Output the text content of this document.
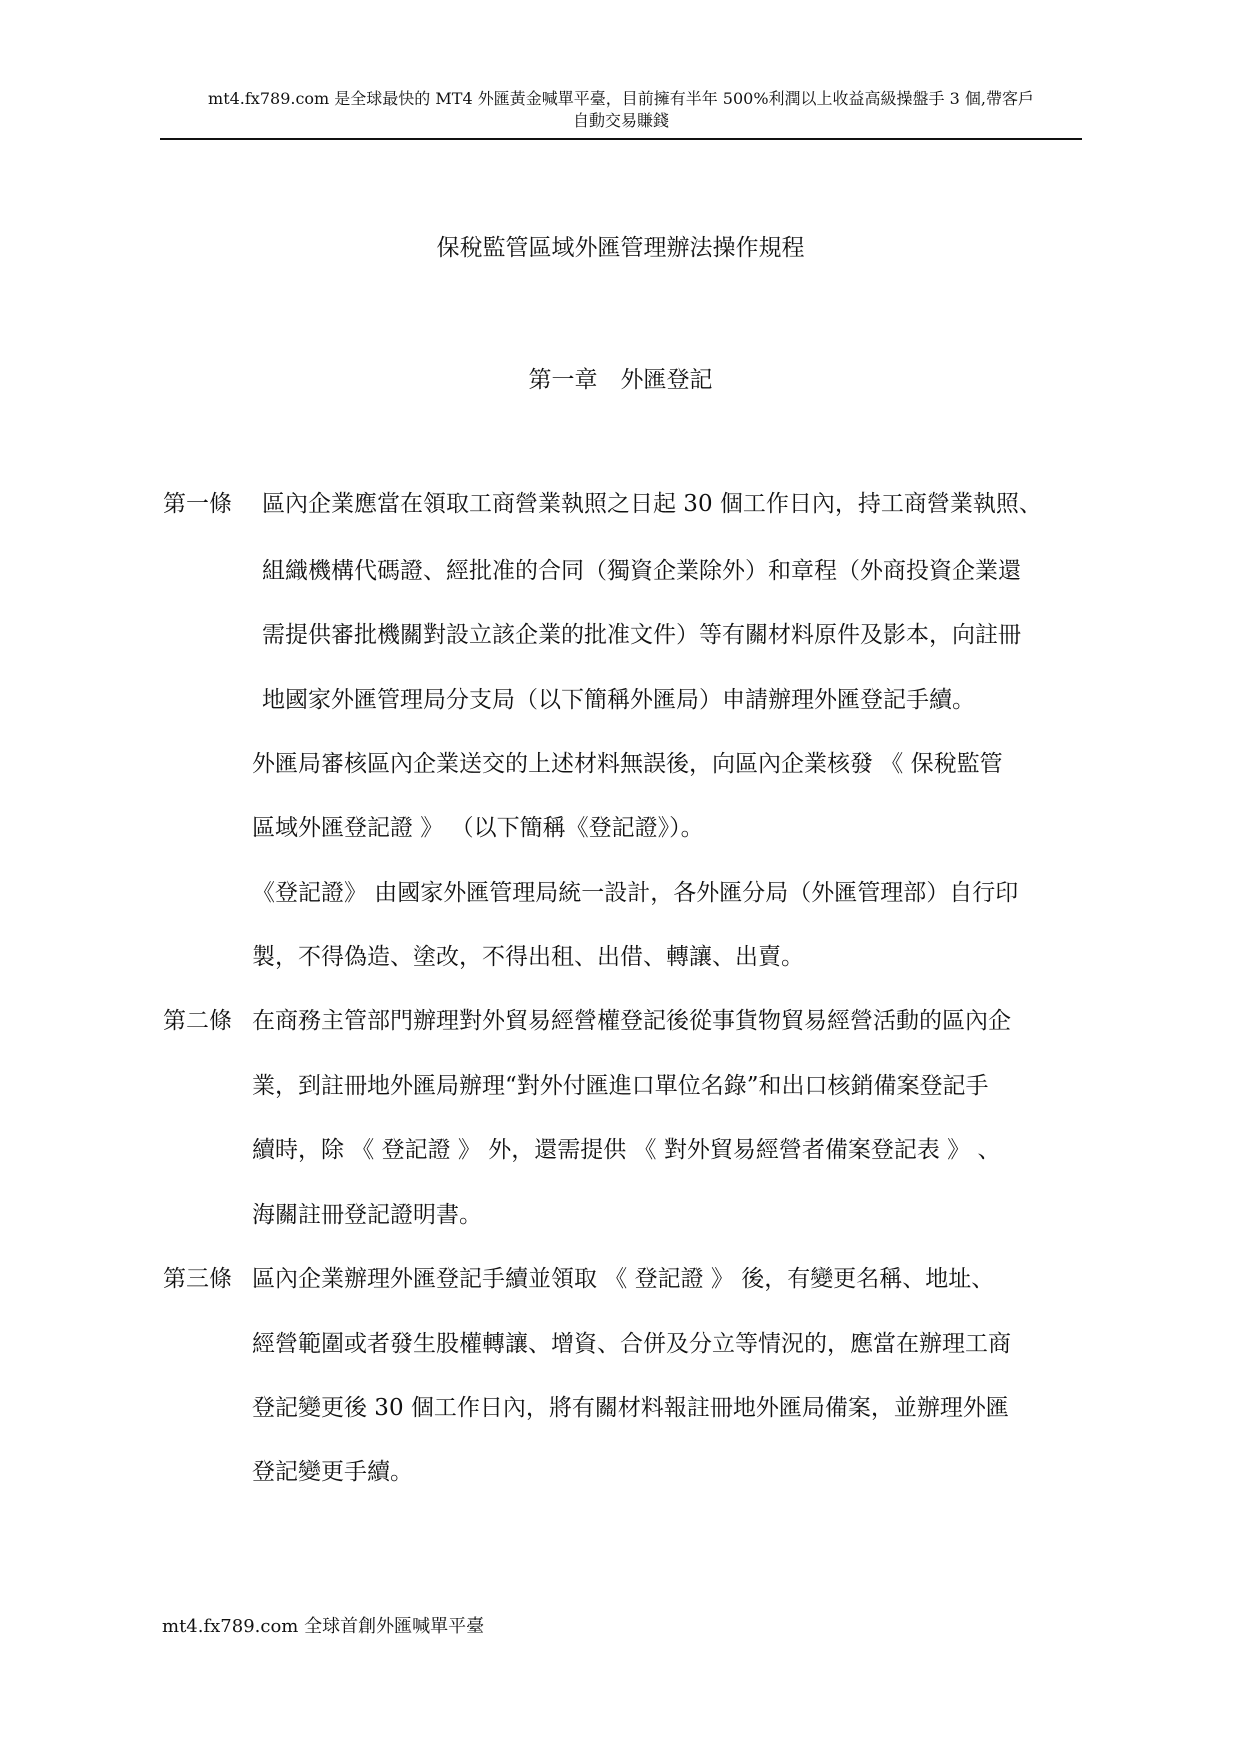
mt4.fx789.com 是全球最快的 MT4 外匯黃金喊單平臺，目前擁有半年 500%利潤以上收益高級操盤手 3 個,帶客戶
自動交易賺錢
保稅監管區域外匯管理辦法操作規程
第一章　外匯登記
第一條 區內企業應當在領取工商營業執照之日起 30 個工作日內，持工商營業執照、
組織機構代碼證、經批准的合同（獨資企業除外）和章程（外商投資企業還
需提供審批機關對設立該企業的批准文件）等有關材料原件及影本，向註冊
地國家外匯管理局分支局（以下簡稱外匯局）申請辦理外匯登記手續。
外匯局審核區內企業送交的上述材料無誤後，向區內企業核發 《 保稅監管
區域外匯登記證 》 （以下簡稱《登記證》）。
《登記證》 由國家外匯管理局統一設計，各外匯分局（外匯管理部）自行印
製，不得偽造、塗改，不得出租、出借、轉讓、出賣。
第二條 在商務主管部門辦理對外貿易經營權登記後從事貨物貿易經營活動的區內企
業，到註冊地外匯局辦理“對外付匯進口單位名錄”和出口核銷備案登記手
續時，除 《 登記證 》 外，還需提供 《 對外貿易經營者備案登記表 》 、
海關註冊登記證明書。
第三條 區內企業辦理外匯登記手續並領取 《 登記證 》 後，有變更名稱、地址、
經營範圍或者發生股權轉讓、增資、合併及分立等情況的，應當在辦理工商
登記變更後 30 個工作日內，將有關材料報註冊地外匯局備案，並辦理外匯
登記變更手續。
mt4.fx789.com 全球首創外匯喊單平臺
